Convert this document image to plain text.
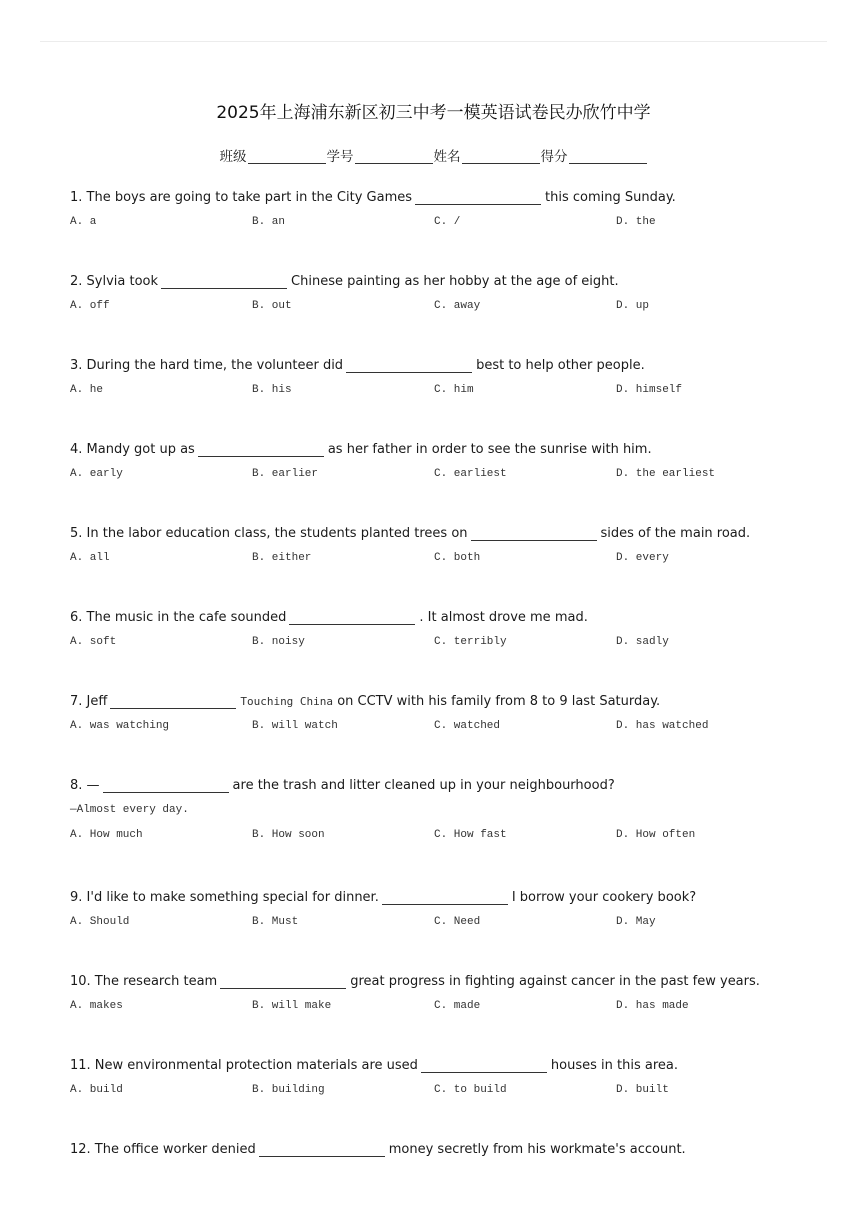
2025年上海浦东新区初三中考一模英语试卷民办欣竹中学
班级	学号	姓名	得分
1. The boys are going to take part in the City Games	this coming Sunday.
A. a	B. an	C. /	D. the
2. Sylvia took	Chinese painting as her hobby at the age of eight.
A. off	B. out	C. away	D. up
3. During the hard time, the volunteer did	best to help other people.
A. he	B. his	C. him	D. himself
4. Mandy got up as	as her father in order to see the sunrise with him.
A. early	B. earlier	C. earliest	D. the earliest
5. In the labor education class, the students planted trees on	sides of the main road.
A. all	B. either	C. both	D. every
6. The music in the cafe sounded	. It almost drove me mad.
A. soft	B. noisy	C. terribly	D. sadly
7. Jeff	Touching China on CCTV with his family from 8 to 9 last Saturday.
A. was watching	B. will watch	C. watched	D. has watched
8. —	are the trash and litter cleaned up in your neighbourhood?
—Almost every day.
A. How much	B. How soon	C. How fast	D. How often
9. I'd like to make something special for dinner.	I borrow your cookery book?
A. Should	B. Must	C. Need	D. May
10. The research team	great progress in fighting against cancer in the past few years.
A. makes	B. will make	C. made	D. has made
11. New environmental protection materials are used	houses in this area.
A. build	B. building	C. to build	D. built
12. The office worker denied	money secretly from his workmate's account.
